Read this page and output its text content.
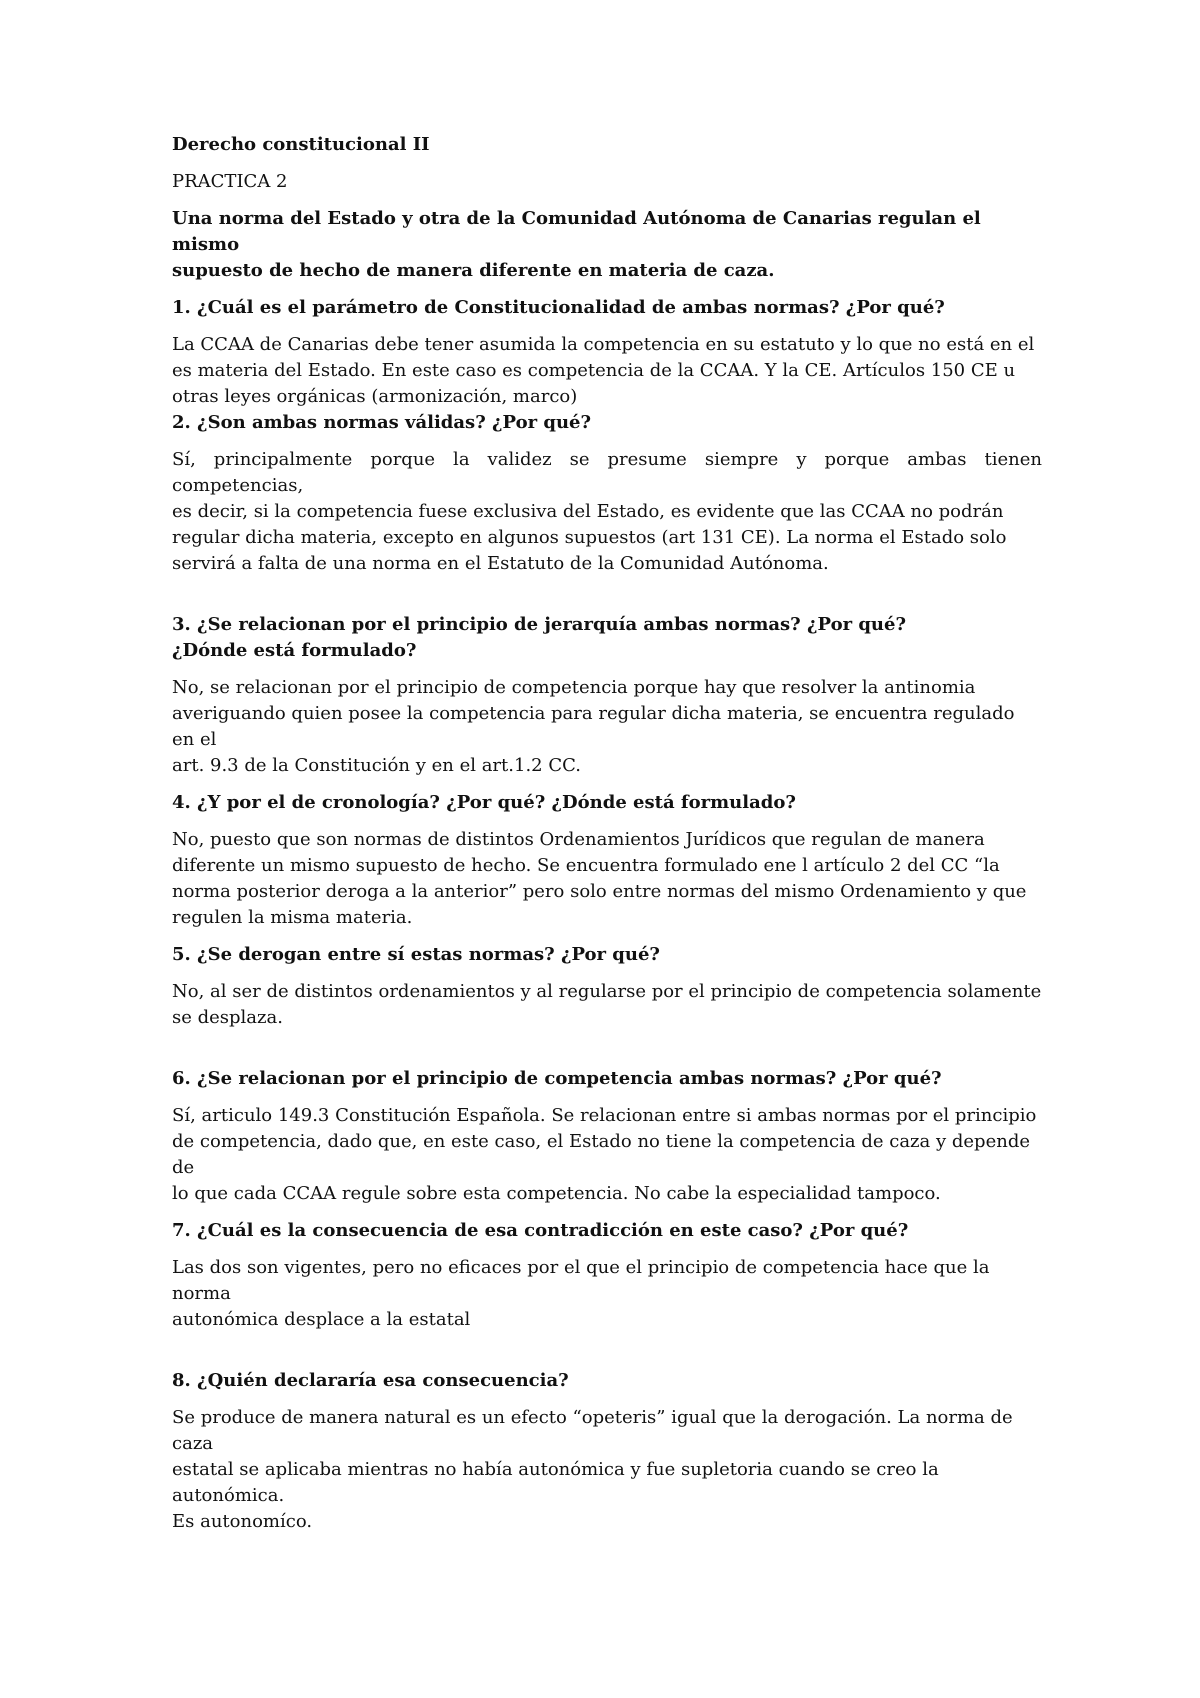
Derecho constitucional II

PRACTICA 2

Una norma del Estado y otra de la Comunidad Autónoma de Canarias regulan el mismo

supuesto de hecho de manera diferente en materia de caza.

1. ¿Cuál es el parámetro de Constitucionalidad de ambas normas? ¿Por qué?

La CCAA de Canarias debe tener asumida la competencia en su estatuto y lo que no está en el

es materia del Estado. En este caso es competencia de la CCAA. Y la CE. Artículos 150 CE u

otras leyes orgánicas (armonización, marco)

2. ¿Son ambas normas válidas? ¿Por qué?

Sí, principalmente porque la validez se presume siempre y porque ambas tienen competencias,

es decir, si la competencia fuese exclusiva del Estado, es evidente que las CCAA no podrán

regular dicha materia, excepto en algunos supuestos (art 131 CE). La norma el Estado solo

servirá a falta de una norma en el Estatuto de la Comunidad Autónoma.

3. ¿Se relacionan por el principio de jerarquía ambas normas? ¿Por qué?

¿Dónde está formulado?

No, se relacionan por el principio de competencia porque hay que resolver la antinomia

averiguando quien posee la competencia para regular dicha materia, se encuentra regulado en el

art. 9.3 de la Constitución y en el art.1.2 CC.

4. ¿Y por el de cronología? ¿Por qué? ¿Dónde está formulado?

No, puesto que son normas de distintos Ordenamientos Jurídicos que regulan de manera

diferente un mismo supuesto de hecho. Se encuentra formulado ene l artículo 2 del CC “la

norma posterior deroga a la anterior” pero solo entre normas del mismo Ordenamiento y que

regulen la misma materia.

5. ¿Se derogan entre sí estas normas? ¿Por qué?

No, al ser de distintos ordenamientos y al regularse por el principio de competencia solamente

se desplaza.

6. ¿Se relacionan por el principio de competencia ambas normas? ¿Por qué?

Sí, articulo 149.3 Constitución Española. Se relacionan entre si ambas normas por el principio

de competencia, dado que, en este caso, el Estado no tiene la competencia de caza y depende de

lo que cada CCAA regule sobre esta competencia. No cabe la especialidad tampoco.

7. ¿Cuál es la consecuencia de esa contradicción en este caso? ¿Por qué?

Las dos son vigentes, pero no eficaces por el que el principio de competencia hace que la norma

autonómica desplace a la estatal

8. ¿Quién declararía esa consecuencia?

Se produce de manera natural es un efecto “opeteris” igual que la derogación. La norma de caza

estatal se aplicaba mientras no había autonómica y fue supletoria cuando se creo la autonómica.

Es autonomíco.
